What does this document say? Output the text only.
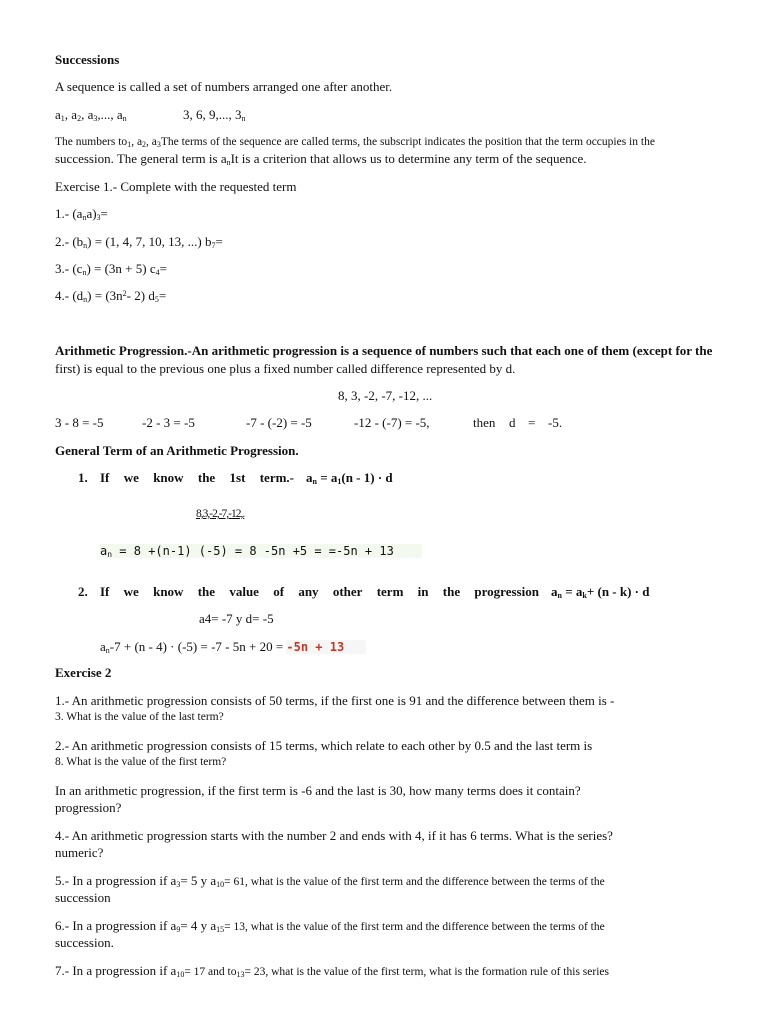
Successions
A sequence is called a set of numbers arranged one after another.
$a_1$, $a_2$, $a_3$,..., $a_n$	3, 6, 9,..., $3_n$
The numbers $to_1$, $a_2$, $a_3The$ terms of the sequence are called terms, the subscript indicates the position that the term occupies in the
succession. The general term is $a_nIt$ is a criterion that allows us to determine any term of the sequence.
Exercise 1.- Complete with the requested term
1.- $(a_na)_3=$
2.- $(b_n) = (1$, 4, 7, 10, 13, ...) $b_7=$
3.- $(c_n) = (3n + 5)$ $c_4=$
4.- $(d_n) = (3n^2-$ 2) $d_5=$
Arithmetic Progression.-An arithmetic progression is a sequence of numbers such that each one of them (except for the
first) is equal to the previous one plus a fixed number called difference represented by d.
8, 3, -2, -7, -12, ...
3 - 8 = -5	-2 - 3 = -5	-7 - (-2) = -5	-12 - (-7) = -5,	then d = -5.
General Term of an Arithmetic Progression.
1. If we know the 1st term.- $a_n = a_1(n - 1) \cdot d$
8,3,-2,-7,-12,.
$a_n = 8 +(n-1) (-5) = 8$ -5n +5 = =-5n + 13
2. If we know the value of any other term in the progression $a_n = a_k+ (n - k) \cdot d$
a4= -7 y d= -5
$a_n-7 + (n - 4) \cdot (-5) = -7 - 5n + 20 = -5n + 13$
Exercise 2
1.- An arithmetic progression consists of 50 terms, if the first one is 91 and the difference between them is -
3. What is the value of the last term?
2.- An arithmetic progression consists of 15 terms, which relate to each other by 0.5 and the last term is
8. What is the value of the first term?
In an arithmetic progression, if the first term is -6 and the last is 30, how many terms does it contain?
progression?
4.- An arithmetic progression starts with the number 2 and ends with 4, if it has 6 terms. What is the series?
numeric?
5.- In a progression if $a_3= 5$ y $a_{10}= 61$, what is the value of the first term and the difference between the terms of the
succession
6.- In a progression if $a_9= 4$ y $a_{15}= 13$, what is the value of the first term and the difference between the terms of the
succession.
7.- In a progression if $a_{10}= 17$ and $to_{13}= 23$, what is the value of the first term, what is the formation rule of this series
